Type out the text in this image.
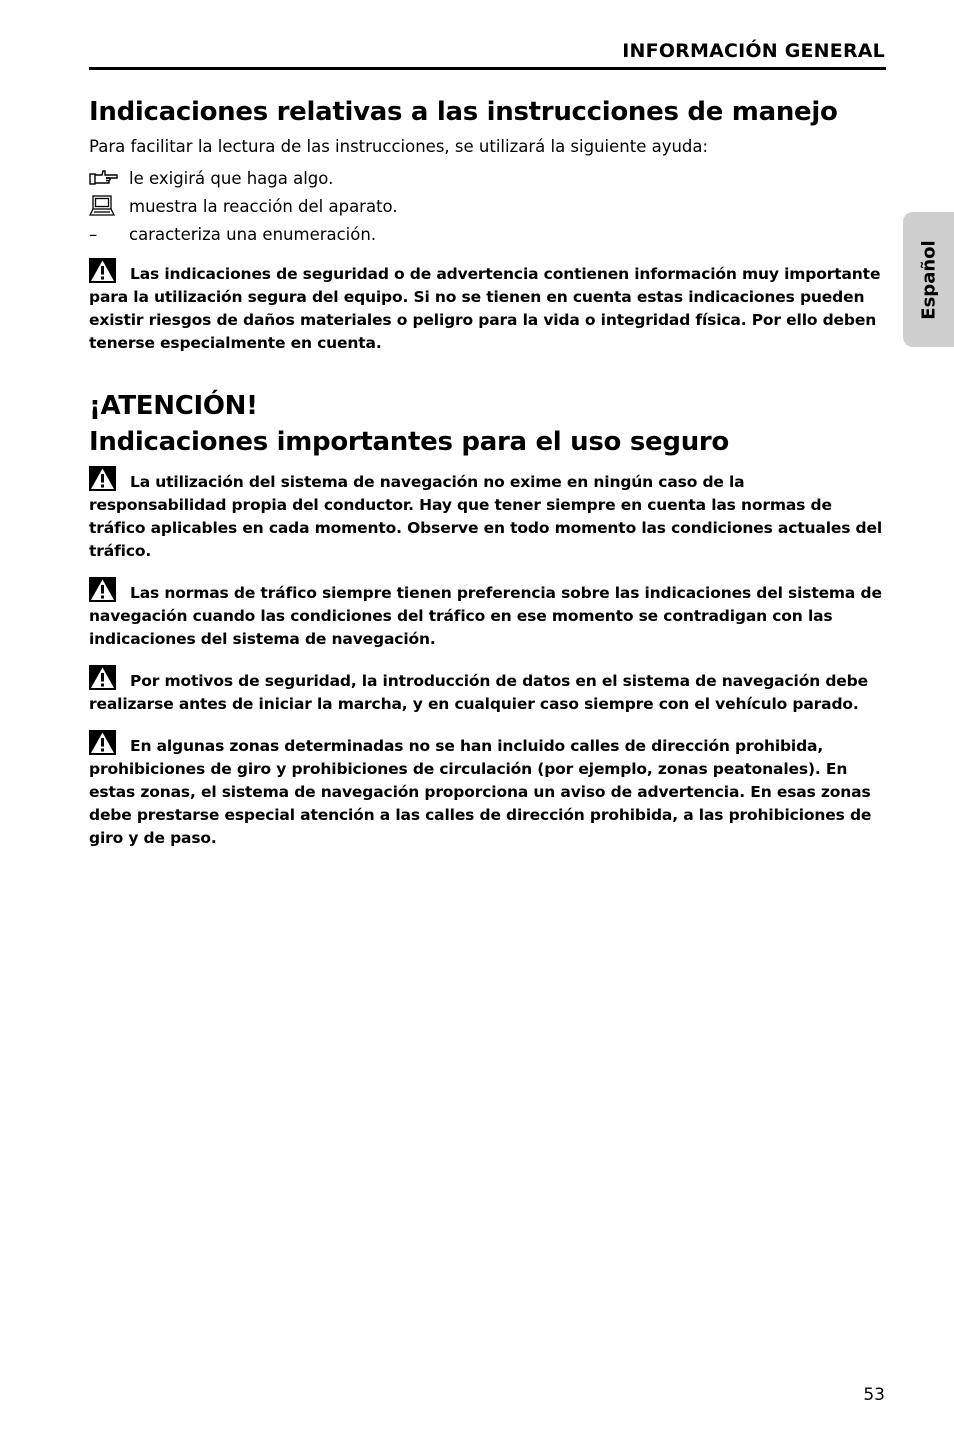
INFORMACIÓN GENERAL
Español
Indicaciones relativas a las instrucciones de manejo

Para facilitar la lectura de las instrucciones, se utilizará la siguiente ayuda:

le exigirá que haga algo.
muestra la reacción del aparato.
–	caracteriza una enumeración.

Las indicaciones de seguridad o de advertencia contienen información muy importante para la utilización segura del equipo. Si no se tienen en cuenta estas indicaciones pueden existir riesgos de daños materiales o peligro para la vida o integridad física. Por ello deben tenerse especialmente en cuenta.

¡ATENCIÓN!
Indicaciones importantes para el uso seguro

La utilización del sistema de navegación no exime en ningún caso de la responsabilidad propia del conductor. Hay que tener siempre en cuenta las normas de tráfico aplicables en cada momento. Observe en todo momento las condiciones actuales del tráfico.

Las normas de tráfico siempre tienen preferencia sobre las indicaciones del sistema de navegación cuando las condiciones del tráfico en ese momento se contradigan con las indicaciones del sistema de navegación.

Por motivos de seguridad, la introducción de datos en el sistema de navegación debe realizarse antes de iniciar la marcha, y en cualquier caso siempre con el vehículo parado.

En algunas zonas determinadas no se han incluido calles de dirección prohibida, prohibiciones de giro y prohibiciones de circulación (por ejemplo, zonas peatonales). En estas zonas, el sistema de navegación proporciona un aviso de advertencia. En esas zonas debe prestarse especial atención a las calles de dirección prohibida, a las prohibiciones de giro y de paso.

53
